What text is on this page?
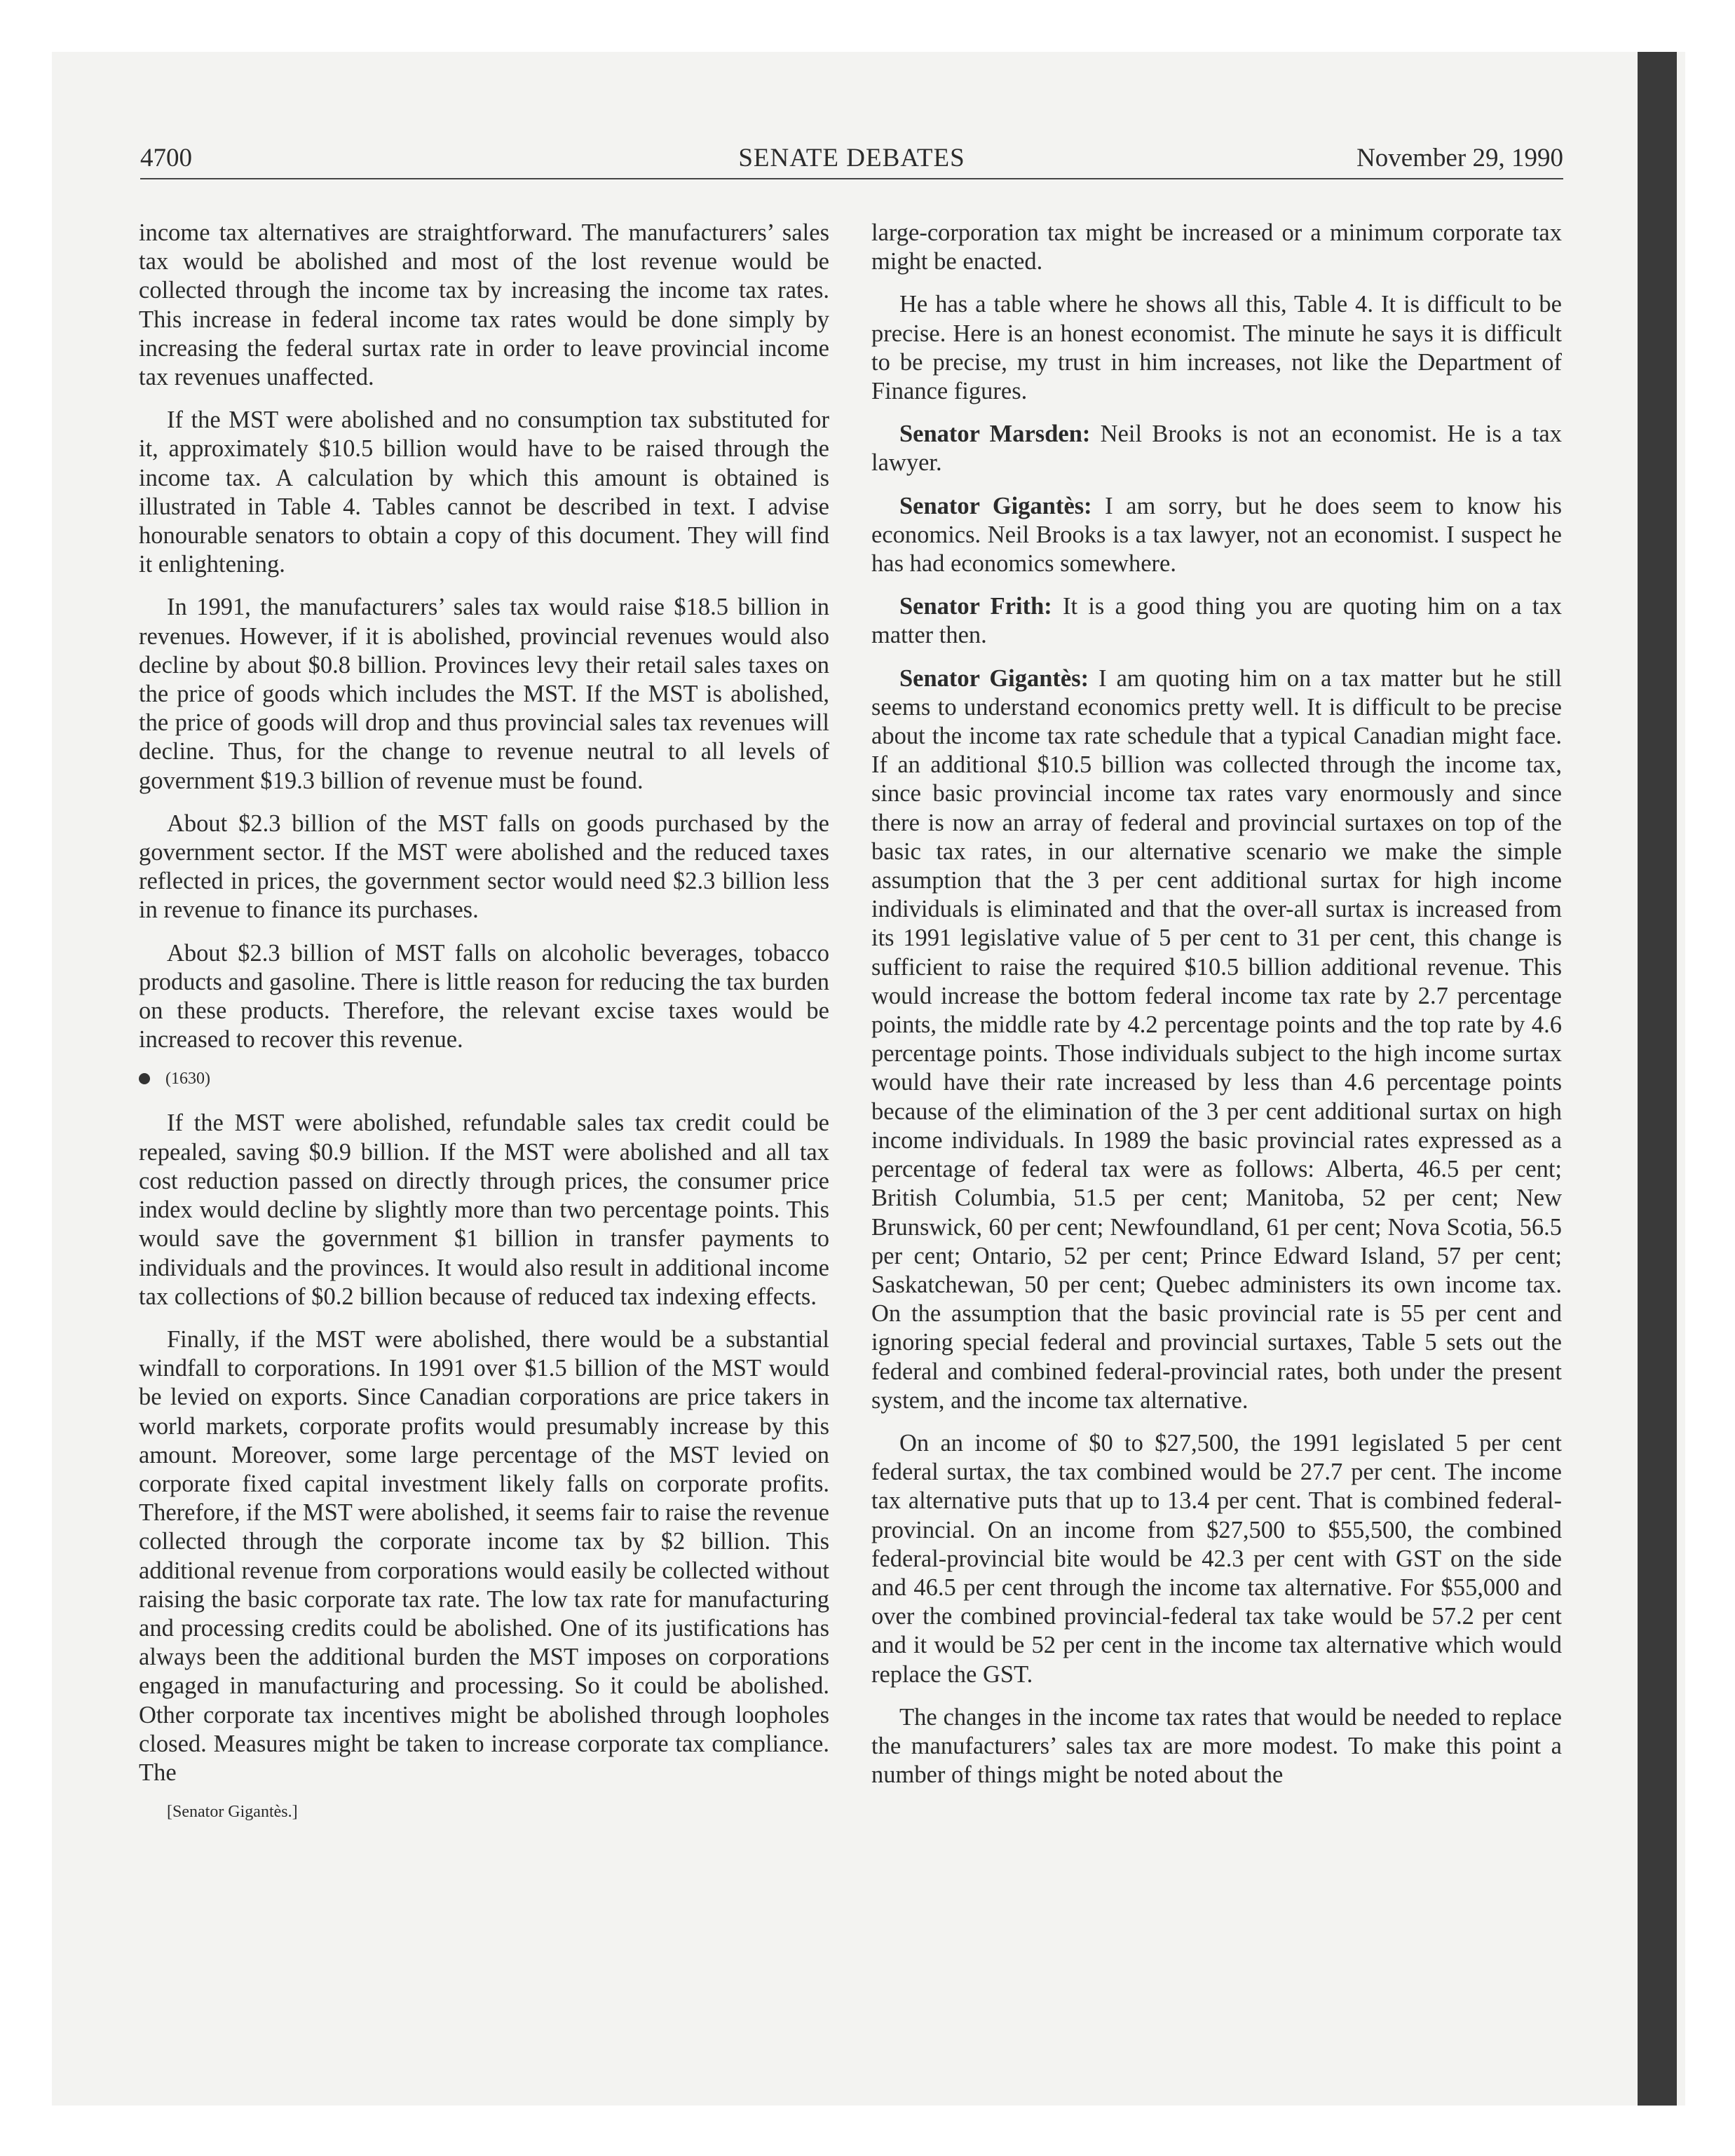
4700	SENATE DEBATES	November 29, 1990

income tax alternatives are straightforward. The manufacturers’ sales tax would be abolished and most of the lost revenue would be collected through the income tax by increasing the income tax rates. This increase in federal income tax rates would be done simply by increasing the federal surtax rate in order to leave provincial income tax revenues unaffected.

If the MST were abolished and no consumption tax substituted for it, approximately $10.5 billion would have to be raised through the income tax. A calculation by which this amount is obtained is illustrated in Table 4. Tables cannot be described in text. I advise honourable senators to obtain a copy of this document. They will find it enlightening.

In 1991, the manufacturers’ sales tax would raise $18.5 billion in revenues. However, if it is abolished, provincial revenues would also decline by about $0.8 billion. Provinces levy their retail sales taxes on the price of goods which includes the MST. If the MST is abolished, the price of goods will drop and thus provincial sales tax revenues will decline. Thus, for the change to revenue neutral to all levels of government $19.3 billion of revenue must be found.

About $2.3 billion of the MST falls on goods purchased by the government sector. If the MST were abolished and the reduced taxes reflected in prices, the government sector would need $2.3 billion less in revenue to finance its purchases.

About $2.3 billion of MST falls on alcoholic beverages, tobacco products and gasoline. There is little reason for reducing the tax burden on these products. Therefore, the relevant excise taxes would be increased to recover this revenue.

(1630)

If the MST were abolished, refundable sales tax credit could be repealed, saving $0.9 billion. If the MST were abolished and all tax cost reduction passed on directly through prices, the consumer price index would decline by slightly more than two percentage points. This would save the government $1 billion in transfer payments to individuals and the provinces. It would also result in additional income tax collections of $0.2 billion because of reduced tax indexing effects.

Finally, if the MST were abolished, there would be a substantial windfall to corporations. In 1991 over $1.5 billion of the MST would be levied on exports. Since Canadian corporations are price takers in world markets, corporate profits would presumably increase by this amount. Moreover, some large percentage of the MST levied on corporate fixed capital investment likely falls on corporate profits. Therefore, if the MST were abolished, it seems fair to raise the revenue collected through the corporate income tax by $2 billion. This additional revenue from corporations would easily be collected without raising the basic corporate tax rate. The low tax rate for manufacturing and processing credits could be abolished. One of its justifications has always been the additional burden the MST imposes on corporations engaged in manufacturing and processing. So it could be abolished. Other corporate tax incentives might be abolished through loopholes closed. Measures might be taken to increase corporate tax compliance. The

[Senator Gigantès.]

large-corporation tax might be increased or a minimum corporate tax might be enacted.

He has a table where he shows all this, Table 4. It is difficult to be precise. Here is an honest economist. The minute he says it is difficult to be precise, my trust in him increases, not like the Department of Finance figures.

Senator Marsden: Neil Brooks is not an economist. He is a tax lawyer.

Senator Gigantès: I am sorry, but he does seem to know his economics. Neil Brooks is a tax lawyer, not an economist. I suspect he has had economics somewhere.

Senator Frith: It is a good thing you are quoting him on a tax matter then.

Senator Gigantès: I am quoting him on a tax matter but he still seems to understand economics pretty well. It is difficult to be precise about the income tax rate schedule that a typical Canadian might face. If an additional $10.5 billion was collected through the income tax, since basic provincial income tax rates vary enormously and since there is now an array of federal and provincial surtaxes on top of the basic tax rates, in our alternative scenario we make the simple assumption that the 3 per cent additional surtax for high income individuals is eliminated and that the over-all surtax is increased from its 1991 legislative value of 5 per cent to 31 per cent, this change is sufficient to raise the required $10.5 billion additional revenue. This would increase the bottom federal income tax rate by 2.7 percentage points, the middle rate by 4.2 percentage points and the top rate by 4.6 percentage points. Those individuals subject to the high income surtax would have their rate increased by less than 4.6 percentage points because of the elimination of the 3 per cent additional surtax on high income individuals. In 1989 the basic provincial rates expressed as a percentage of federal tax were as follows: Alberta, 46.5 per cent; British Columbia, 51.5 per cent; Manitoba, 52 per cent; New Brunswick, 60 per cent; Newfoundland, 61 per cent; Nova Scotia, 56.5 per cent; Ontario, 52 per cent; Prince Edward Island, 57 per cent; Saskatchewan, 50 per cent; Quebec administers its own income tax. On the assumption that the basic provincial rate is 55 per cent and ignoring special federal and provincial surtaxes, Table 5 sets out the federal and combined federal-provincial rates, both under the present system, and the income tax alternative.

On an income of $0 to $27,500, the 1991 legislated 5 per cent federal surtax, the tax combined would be 27.7 per cent. The income tax alternative puts that up to 13.4 per cent. That is combined federal-provincial. On an income from $27,500 to $55,500, the combined federal-provincial bite would be 42.3 per cent with GST on the side and 46.5 per cent through the income tax alternative. For $55,000 and over the combined provincial-federal tax take would be 57.2 per cent and it would be 52 per cent in the income tax alternative which would replace the GST.

The changes in the income tax rates that would be needed to replace the manufacturers’ sales tax are more modest. To make this point a number of things might be noted about the
